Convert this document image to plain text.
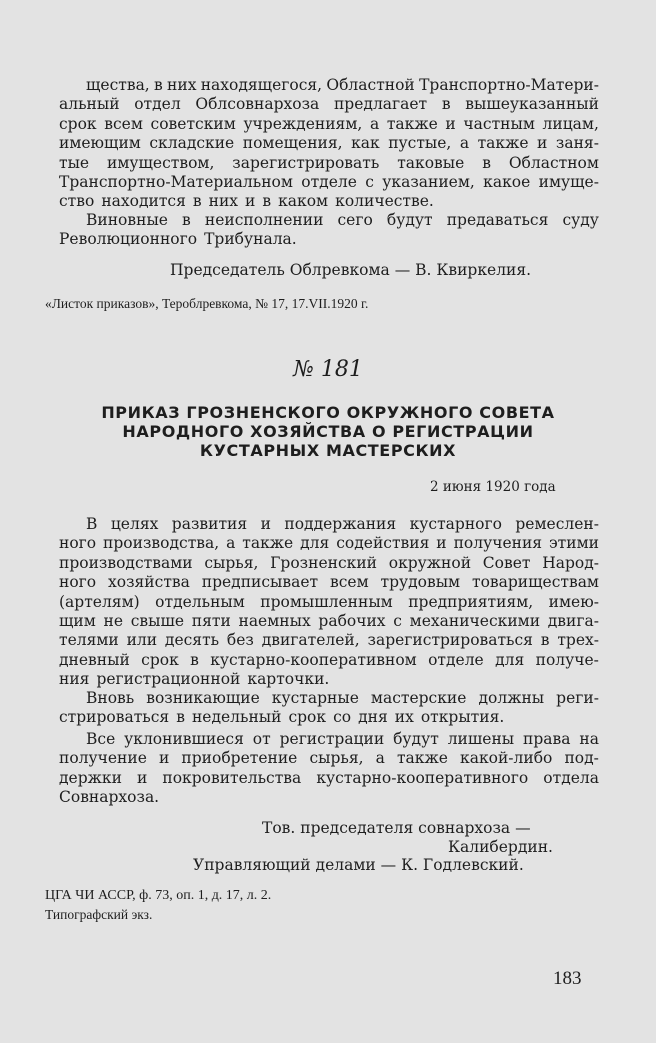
щества, в них находящегося, Областной Транспортно-Матери-
альный отдел Облсовнархоза предлагает в вышеуказанный
срок всем советским учреждениям, а также и частным лицам,
имеющим складские помещения, как пустые, а также и заня-
тые имуществом, зарегистрировать таковые в Областном
Транспортно-Материальном отделе с указанием, какое имуще-
ство находится в них и в каком количестве.
Виновные в неисполнении сего будут предаваться суду
Революционного Трибунала.
Председатель Облревкома — В. Квиркелия.
«Листок приказов», Тероблревкома, № 17, 17.VII.1920 г.
№ 181
ПРИКАЗ ГРОЗНЕНСКОГО ОКРУЖНОГО СОВЕТА
НАРОДНОГО ХОЗЯЙСТВА О РЕГИСТРАЦИИ
КУСТАРНЫХ МАСТЕРСКИХ
2 июня 1920 года
В целях развития и поддержания кустарного ремеслен-
ного производства, а также для содействия и получения этими
производствами сырья, Грозненский окружной Совет Народ-
ного хозяйства предписывает всем трудовым товариществам
(артелям) отдельным промышленным предприятиям, имею-
щим не свыше пяти наемных рабочих с механическими двига-
телями или десять без двигателей, зарегистрироваться в трех-
дневный срок в кустарно-кооперативном отделе для получе-
ния регистрационной карточки.
Вновь возникающие кустарные мастерские должны реги-
стрироваться в недельный срок со дня их открытия.
Все уклонившиеся от регистрации будут лишены права на
получение и приобретение сырья, а также какой-либо под-
держки и покровительства кустарно-кооперативного отдела
Совнархоза.
Тов. председателя совнархоза —
Калибердин.
Управляющий делами — К. Годлевский.
ЦГА ЧИ АССР, ф. 73, оп. 1, д. 17, л. 2.
Типографский экз.
183
